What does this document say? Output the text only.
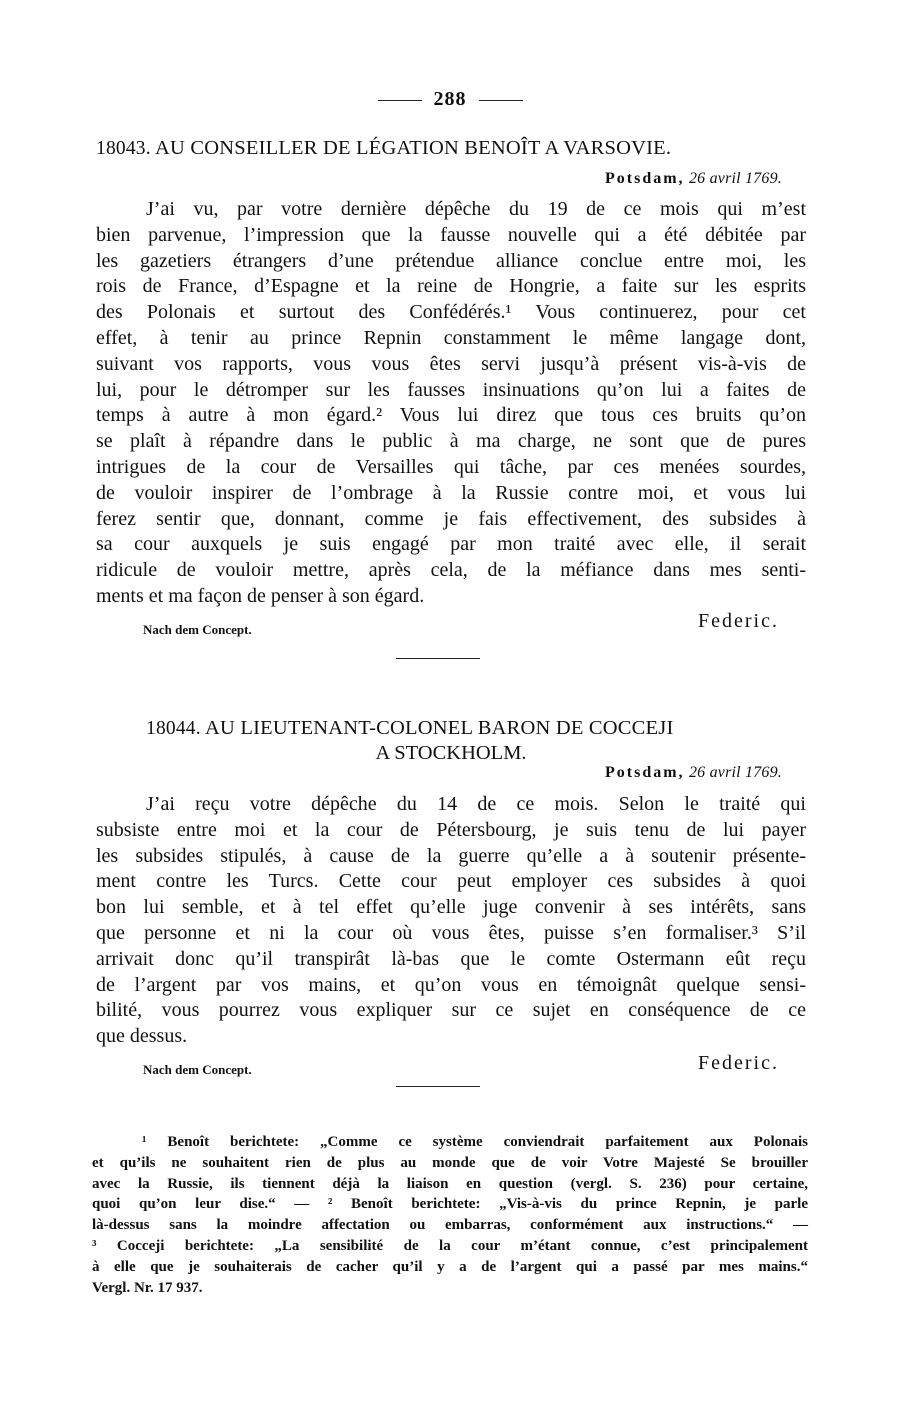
288
18043. AU CONSEILLER DE LÉGATION BENOÎT A VARSOVIE.
Potsdam, 26 avril 1769.
J’ai vu, par votre dernière dépêche du 19 de ce mois qui m’est
bien parvenue, l’impression que la fausse nouvelle qui a été débitée par
les gazetiers étrangers d’une prétendue alliance conclue entre moi, les
rois de France, d’Espagne et la reine de Hongrie, a faite sur les esprits
des Polonais et surtout des Confédérés.¹ Vous continuerez, pour cet
effet, à tenir au prince Repnin constamment le même langage dont,
suivant vos rapports, vous vous êtes servi jusqu’à présent vis-à-vis de
lui, pour le détromper sur les fausses insinuations qu’on lui a faites de
temps à autre à mon égard.² Vous lui direz que tous ces bruits qu’on
se plaît à répandre dans le public à ma charge, ne sont que de pures
intrigues de la cour de Versailles qui tâche, par ces menées sourdes,
de vouloir inspirer de l’ombrage à la Russie contre moi, et vous lui
ferez sentir que, donnant, comme je fais effectivement, des subsides à
sa cour auxquels je suis engagé par mon traité avec elle, il serait
ridicule de vouloir mettre, après cela, de la méfiance dans mes senti-
ments et ma façon de penser à son égard.
Nach dem Concept.	Federic.
18044. AU LIEUTENANT-COLONEL BARON DE COCCEJI
A STOCKHOLM.
Potsdam, 26 avril 1769.
J’ai reçu votre dépêche du 14 de ce mois. Selon le traité qui
subsiste entre moi et la cour de Pétersbourg, je suis tenu de lui payer
les subsides stipulés, à cause de la guerre qu’elle a à soutenir présente-
ment contre les Turcs. Cette cour peut employer ces subsides à quoi
bon lui semble, et à tel effet qu’elle juge convenir à ses intérêts, sans
que personne et ni la cour où vous êtes, puisse s’en formaliser.³ S’il
arrivait donc qu’il transpirât là-bas que le comte Ostermann eût reçu
de l’argent par vos mains, et qu’on vous en témoignât quelque sensi-
bilité, vous pourrez vous expliquer sur ce sujet en conséquence de ce
que dessus.
Nach dem Concept.	Federic.
¹ Benoît berichtete: „Comme ce système conviendrait parfaitement aux Polonais
et qu’ils ne souhaitent rien de plus au monde que de voir Votre Majesté Se brouiller
avec la Russie, ils tiennent déjà la liaison en question (vergl. S. 236) pour certaine,
quoi qu’on leur dise.“ — ² Benoît berichtete: „Vis-à-vis du prince Repnin, je parle
là-dessus sans la moindre affectation ou embarras, conformément aux instructions.“ —
³ Cocceji berichtete: „La sensibilité de la cour m’étant connue, c’est principalement
à elle que je souhaiterais de cacher qu’il y a de l’argent qui a passé par mes mains.“
Vergl. Nr. 17 937.
